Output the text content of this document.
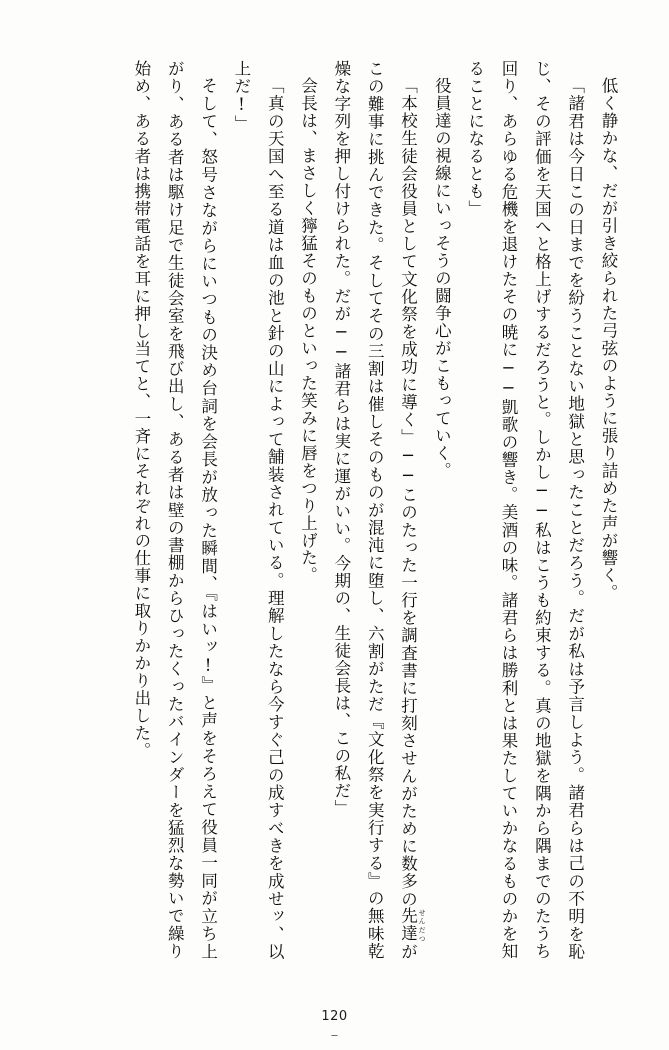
低く静かな、だが引き絞られた弓弦のように張り詰めた声が響く。

「諸君は今日この日までを紛うことない地獄と思ったことだろう。だが私は予言しよう。諸君らは己の不明を恥じ、その評価を天国へと格上げするだろうと。しかし──私はこうも約束する。真の地獄を隅から隅までのたうち回り、あらゆる危機を退けたその暁に──凱歌の響き。美酒の味。諸君らは勝利とは果たしていかなるものかを知ることになるとも」

役員達の視線にいっそうの闘争心がこもっていく。

「本校生徒会役員として文化祭を成功に導く」──このたった一行を調査書に打刻させんがために数多の先達 せんだつがこの難事に挑んできた。そしてその三割は催しそのものが混沌に堕し、六割がただ『文化祭を実行する』の無味乾燥な字列を押し付けられた。だが──諸君らは実に運がいい。今期の、生徒会長は、この私だ」

会長は、まさしく獰猛そのものといった笑みに唇をつり上げた。

「真の天国へ至る道は血の池と針の山によって舗装されている。理解したなら今すぐ己の成すべきを成せッ、以上だ!」

そして、怒号さながらにいつもの決め台詞を会長が放った瞬間、『はいッ!』と声をそろえて役員一同が立ち上がり、ある者は駆け足で生徒会室を飛び出し、ある者は壁の書棚からひったくったバインダーを猛烈な勢いで繰り始め、ある者は携帯電話を耳に押し当てと、一斉にそれぞれの仕事に取りかかり出した。

120
─
